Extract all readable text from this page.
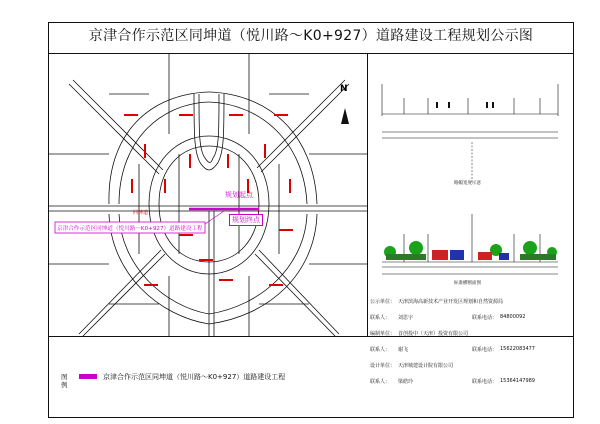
京津合作示范区同坤道（悦川路～K0+927）道路建设工程规划公示图
N
规划起点
规划终点
京津合作示范区同坤道（悦川路～K0+927）道路建设工程
同坤道
路幅宽度示意
标准横断面图
公示单位： 天津滨海高新技术产业开发区规划和自然资源局
联系人： 刘思宇	联系电话： 84800092
编制单位： 首创投中（天津）投资有限公司
联系人： 谢飞	联系电话： 15622083477
设计单位： 天津城建设计院有限公司
联系人： 梁皓玲	联系电话： 15364147989
图例
京津合作示范区同坤道（悦川路～K0+927）道路建设工程
